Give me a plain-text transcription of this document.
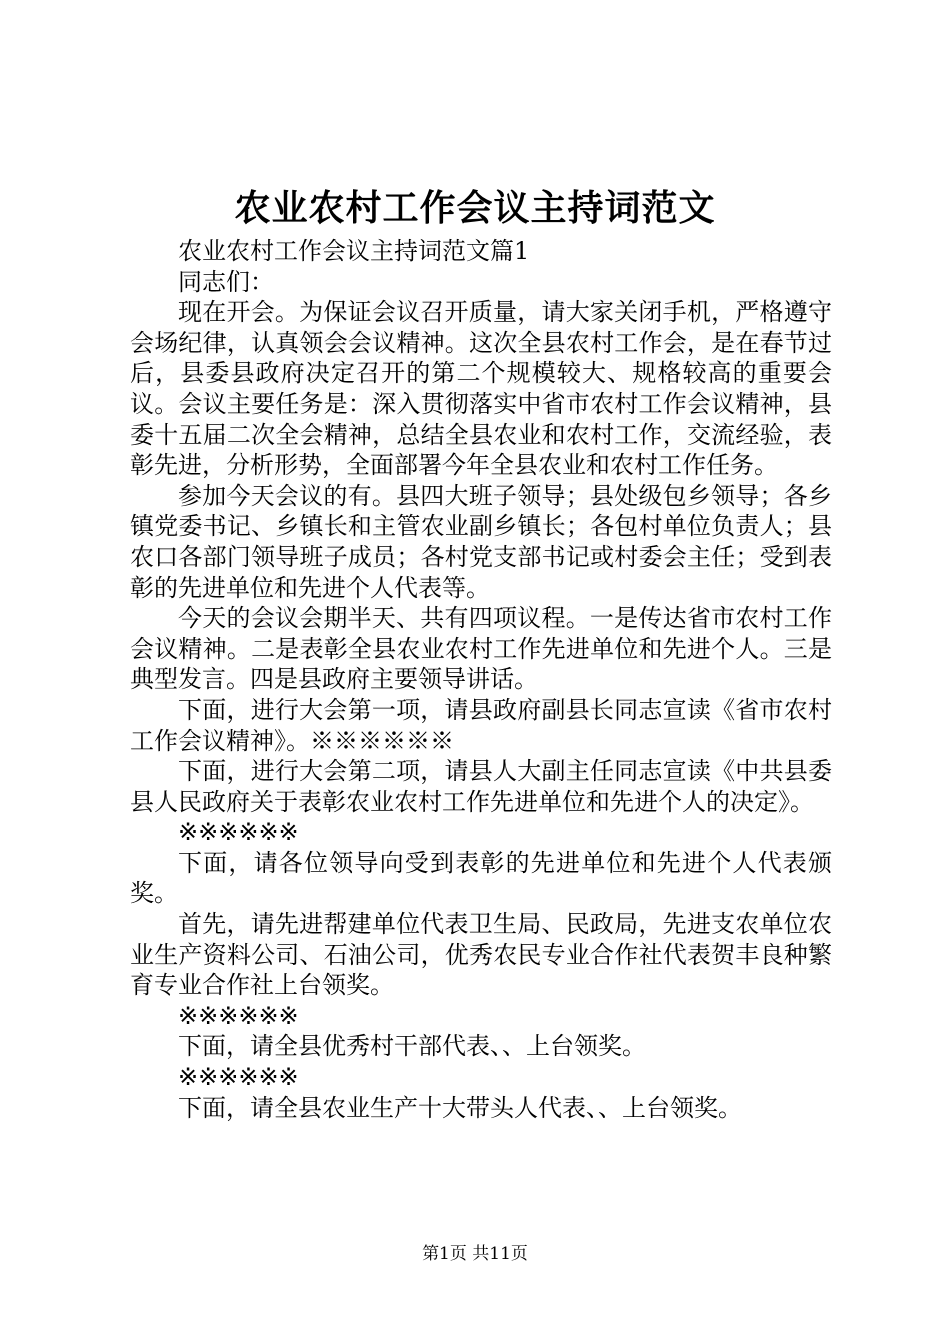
农业农村工作会议主持词范文

农业农村工作会议主持词范文篇1

同志们：

现在开会。为保证会议召开质量，请大家关闭手机，严格遵守会场纪律，认真领会会议精神。这次全县农村工作会，是在春节过后，县委县政府决定召开的第二个规模较大、规格较高的重要会议。会议主要任务是：深入贯彻落实中省市农村工作会议精神，县委十五届二次全会精神，总结全县农业和农村工作，交流经验，表彰先进，分析形势，全面部署今年全县农业和农村工作任务。

参加今天会议的有。县四大班子领导；县处级包乡领导；各乡镇党委书记、乡镇长和主管农业副乡镇长；各包村单位负责人；县农口各部门领导班子成员；各村党支部书记或村委会主任；受到表彰的先进单位和先进个人代表等。

今天的会议会期半天、共有四项议程。一是传达省市农村工作会议精神。二是表彰全县农业农村工作先进单位和先进个人。三是典型发言。四是县政府主要领导讲话。

下面，进行大会第一项，请县政府副县长同志宣读《省市农村工作会议精神》。※※※※※※

下面，进行大会第二项，请县人大副主任同志宣读《中共县委县人民政府关于表彰农业农村工作先进单位和先进个人的决定》。

※※※※※※

下面，请各位领导向受到表彰的先进单位和先进个人代表颁奖。

首先，请先进帮建单位代表卫生局、民政局，先进支农单位农业生产资料公司、石油公司，优秀农民专业合作社代表贺丰良种繁育专业合作社上台领奖。

※※※※※※

下面，请全县优秀村干部代表、、上台领奖。

※※※※※※

下面，请全县农业生产十大带头人代表、、上台领奖。

第1页 共11页
